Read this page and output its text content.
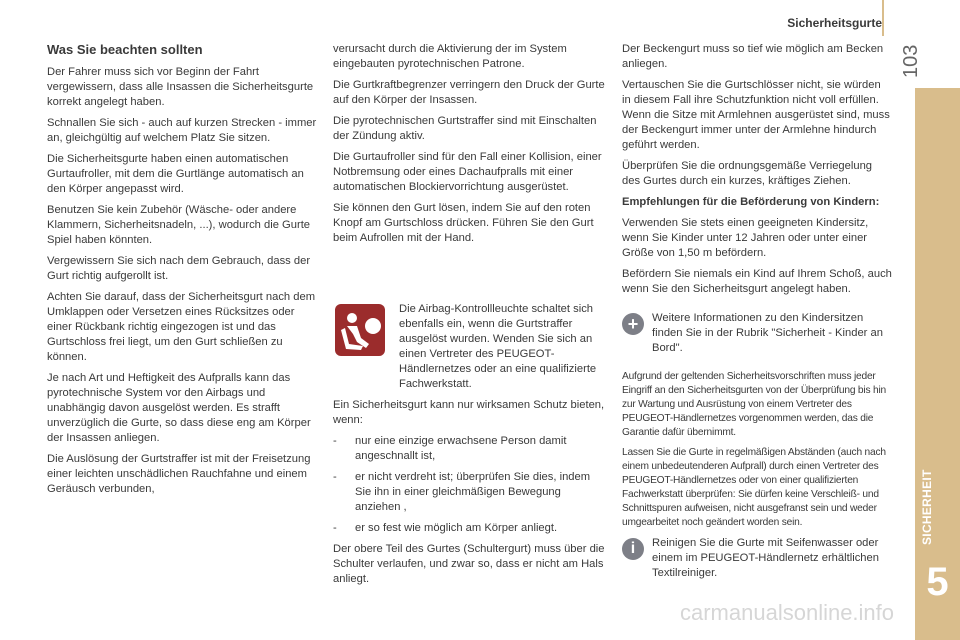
Sicherheitsgurte
103
SICHERHEIT
5
carmanualsonline.info
Was Sie beachten sollten

Der Fahrer muss sich vor Beginn der Fahrt vergewissern, dass alle Insassen die Sicherheitsgurte korrekt angelegt haben.

Schnallen Sie sich - auch auf kurzen Strecken - immer an, gleichgültig auf welchem Platz Sie sitzen.

Die Sicherheitsgurte haben einen automatischen Gurtaufroller, mit dem die Gurtlänge automatisch an den Körper angepasst wird.

Benutzen Sie kein Zubehör (Wäsche- oder andere Klammern, Sicherheitsnadeln, ...), wodurch die Gurte Spiel haben könnten.

Vergewissern Sie sich nach dem Gebrauch, dass der Gurt richtig aufgerollt ist.

Achten Sie darauf, dass der Sicherheitsgurt nach dem Umklappen oder Versetzen eines Rücksitzes oder einer Rückbank richtig eingezogen ist und das Gurtschloss frei liegt, um den Gurt schließen zu können.

Je nach Art und Heftigkeit des Aufpralls kann das pyrotechnische System vor den Airbags und unabhängig davon ausgelöst werden. Es strafft unverzüglich die Gurte, so dass diese eng am Körper der Insassen anliegen.

Die Auslösung der Gurtstraffer ist mit der Freisetzung einer leichten unschädlichen Rauchfahne und einem Geräusch verbunden,

verursacht durch die Aktivierung der im System eingebauten pyrotechnischen Patrone.

Die Gurtkraftbegrenzer verringern den Druck der Gurte auf den Körper der Insassen.

Die pyrotechnischen Gurtstraffer sind mit Einschalten der Zündung aktiv.

Die Gurtaufroller sind für den Fall einer Kollision, einer Notbremsung oder eines Dachaufpralls mit einer automatischen Blockiervorrichtung ausgerüstet.

Sie können den Gurt lösen, indem Sie auf den roten Knopf am Gurtschloss drücken. Führen Sie den Gurt beim Aufrollen mit der Hand.

Die Airbag-Kontrollleuchte schaltet sich ebenfalls ein, wenn die Gurtstraffer ausgelöst wurden. Wenden Sie sich an einen Vertreter des PEUGEOT-Händlernetzes oder an eine qualifizierte Fachwerkstatt.

Ein Sicherheitsgurt kann nur wirksamen Schutz bieten, wenn:

-	nur eine einzige erwachsene Person damit angeschnallt ist,
-	er nicht verdreht ist; überprüfen Sie dies, indem Sie ihn in einer gleichmäßigen Bewegung anziehen ,
-	er so fest wie möglich am Körper anliegt.

Der obere Teil des Gurtes (Schultergurt) muss über die Schulter verlaufen, und zwar so, dass er nicht am Hals anliegt.

Der Beckengurt muss so tief wie möglich am Becken anliegen.

Vertauschen Sie die Gurtschlösser nicht, sie würden in diesem Fall ihre Schutzfunktion nicht voll erfüllen. Wenn die Sitze mit Armlehnen ausgerüstet sind, muss der Beckengurt immer unter der Armlehne hindurch geführt werden.

Überprüfen Sie die ordnungsgemäße Verriegelung des Gurtes durch ein kurzes, kräftiges Ziehen.

Empfehlungen für die Beförderung von Kindern:

Verwenden Sie stets einen geeigneten Kindersitz, wenn Sie Kinder unter 12 Jahren oder unter einer Größe von 1,50 m befördern.

Befördern Sie niemals ein Kind auf Ihrem Schoß, auch wenn Sie den Sicherheitsgurt angelegt haben.

+	Weitere Informationen zu den Kindersitzen finden Sie in der Rubrik "Sicherheit - Kinder an Bord".

Aufgrund der geltenden Sicherheitsvorschriften muss jeder Eingriff an den Sicherheitsgurten von der Überprüfung bis hin zur Wartung und Ausrüstung von einem Vertreter des PEUGEOT-Händlernetzes vorgenommen werden, das die Garantie dafür übernimmt.

Lassen Sie die Gurte in regelmäßigen Abständen (auch nach einem unbedeutenderen Aufprall) durch einen Vertreter des PEUGEOT-Händlernetzes oder von einer qualifizierten Fachwerkstatt überprüfen: Sie dürfen keine Verschleiß- und Schnittspuren aufweisen, nicht ausgefranst sein und weder umgearbeitet noch geändert worden sein.

i	Reinigen Sie die Gurte mit Seifenwasser oder einem im PEUGEOT-Händlernetz erhältlichen Textilreiniger.
